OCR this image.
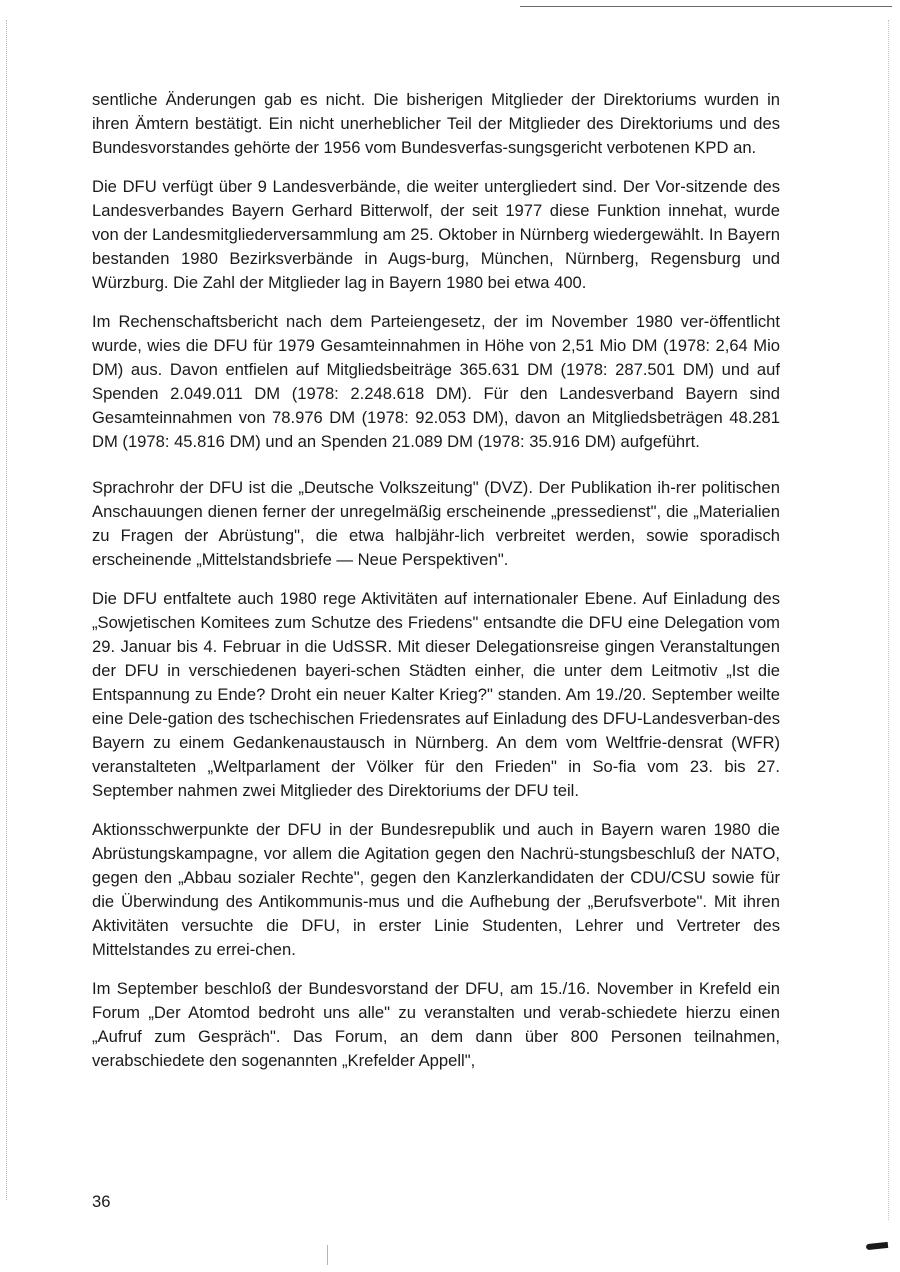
sentliche Änderungen gab es nicht. Die bisherigen Mitglieder der Direktoriums wurden in ihren Ämtern bestätigt. Ein nicht unerheblicher Teil der Mitglieder des Direktoriums und des Bundesvorstandes gehörte der 1956 vom Bundesverfas-sungsgericht verbotenen KPD an.

Die DFU verfügt über 9 Landesverbände, die weiter untergliedert sind. Der Vor-sitzende des Landesverbandes Bayern Gerhard Bitterwolf, der seit 1977 diese Funktion innehat, wurde von der Landesmitgliederversammlung am 25. Oktober in Nürnberg wiedergewählt. In Bayern bestanden 1980 Bezirksverbände in Augs-burg, München, Nürnberg, Regensburg und Würzburg. Die Zahl der Mitglieder lag in Bayern 1980 bei etwa 400.

Im Rechenschaftsbericht nach dem Parteiengesetz, der im November 1980 ver-öffentlicht wurde, wies die DFU für 1979 Gesamteinnahmen in Höhe von 2,51 Mio DM (1978: 2,64 Mio DM) aus. Davon entfielen auf Mitgliedsbeiträge 365.631 DM (1978: 287.501 DM) und auf Spenden 2.049.011 DM (1978: 2.248.618 DM). Für den Landesverband Bayern sind Gesamteinnahmen von 78.976 DM (1978: 92.053 DM), davon an Mitgliedsbeträgen 48.281 DM (1978: 45.816 DM) und an Spenden 21.089 DM (1978: 35.916 DM) aufgeführt.

Sprachrohr der DFU ist die „Deutsche Volkszeitung" (DVZ). Der Publikation ih-rer politischen Anschauungen dienen ferner der unregelmäßig erscheinende „pressedienst", die „Materialien zu Fragen der Abrüstung", die etwa halbjähr-lich verbreitet werden, sowie sporadisch erscheinende „Mittelstandsbriefe — Neue Perspektiven".

Die DFU entfaltete auch 1980 rege Aktivitäten auf internationaler Ebene. Auf Einladung des „Sowjetischen Komitees zum Schutze des Friedens" entsandte die DFU eine Delegation vom 29. Januar bis 4. Februar in die UdSSR. Mit dieser Delegationsreise gingen Veranstaltungen der DFU in verschiedenen bayeri-schen Städten einher, die unter dem Leitmotiv „Ist die Entspannung zu Ende? Droht ein neuer Kalter Krieg?" standen. Am 19./20. September weilte eine Dele-gation des tschechischen Friedensrates auf Einladung des DFU-Landesverban-des Bayern zu einem Gedankenaustausch in Nürnberg. An dem vom Weltfrie-densrat (WFR) veranstalteten „Weltparlament der Völker für den Frieden" in So-fia vom 23. bis 27. September nahmen zwei Mitglieder des Direktoriums der DFU teil.

Aktionsschwerpunkte der DFU in der Bundesrepublik und auch in Bayern waren 1980 die Abrüstungskampagne, vor allem die Agitation gegen den Nachrü-stungsbeschluß der NATO, gegen den „Abbau sozialer Rechte", gegen den Kanzlerkandidaten der CDU/CSU sowie für die Überwindung des Antikommunis-mus und die Aufhebung der „Berufsverbote". Mit ihren Aktivitäten versuchte die DFU, in erster Linie Studenten, Lehrer und Vertreter des Mittelstandes zu errei-chen.

Im September beschloß der Bundesvorstand der DFU, am 15./16. November in Krefeld ein Forum „Der Atomtod bedroht uns alle" zu veranstalten und verab-schiedete hierzu einen „Aufruf zum Gespräch". Das Forum, an dem dann über 800 Personen teilnahmen, verabschiedete den sogenannten „Krefelder Appell",

36
